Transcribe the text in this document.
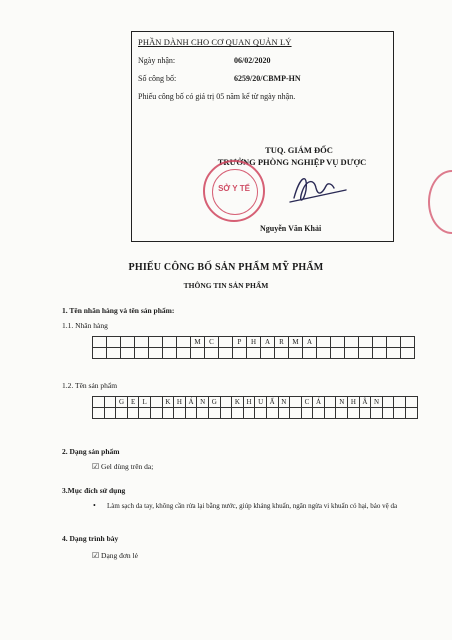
PHẦN DÀNH CHO CƠ QUAN QUẢN LÝ
Ngày nhận:	06/02/2020
Số công bố:	6259/20/CBMP-HN
Phiếu công bố có giá trị 05 năm kể từ ngày nhận.
TUQ. GIÁM ĐỐC
TRƯỞNG PHÒNG NGHIỆP VỤ DƯỢC
Nguyễn Văn Khải
SỞ Y TẾ
PHIẾU CÔNG BỐ SẢN PHẨM MỸ PHẨM
THÔNG TIN SẢN PHẨM
1. Tên nhãn hàng và tên sản phẩm:
1.1. Nhãn hàng
M	C	P	H	A	R	M	A
1.2. Tên sản phẩm
G E	L	K H Á N G	K H U Ẩ N	C Á	N H Â N
2. Dạng sản phẩm
☑ Gel dùng trên da;
3.Mục đích sử dụng
• Làm sạch da tay, không cần rửa lại bằng nước, giúp kháng khuẩn, ngăn ngừa vi khuẩn có hại, bảo vệ da
4. Dạng trình bày
☑ Dạng đơn lẻ
